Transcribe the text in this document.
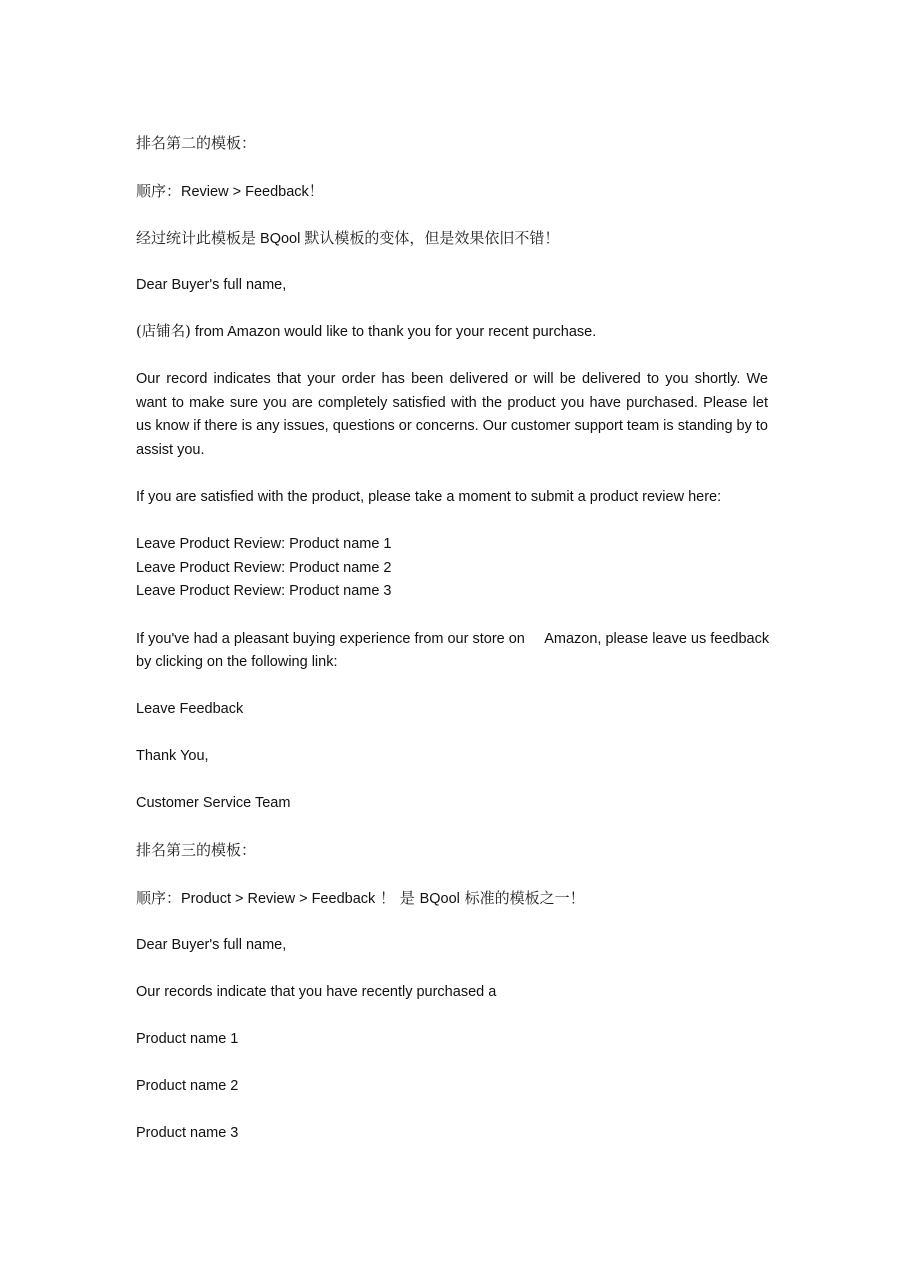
排名第二的模板：
顺序：Review > Feedback！
经过统计此模板是 BQool 默认模板的变体，但是效果依旧不错！
Dear Buyer's full name,
(店铺名) from Amazon would like to thank you for your recent purchase.
Our record indicates that your order has been delivered or will be delivered to you shortly. We want to make sure you are completely satisfied with the product you have purchased. Please let us know if there is any issues, questions or concerns. Our customer support team is standing by to assist you.
If you are satisfied with the product, please take a moment to submit a product review here:
Leave Product Review: Product name 1
Leave Product Review: Product name 2
Leave Product Review: Product name 3
If you've had a pleasant buying experience from our store on     Amazon, please leave us feedback
by clicking on the following link:
Leave Feedback
Thank You,
Customer Service Team
排名第三的模板：
顺序：Product > Review > Feedback ！ 是 BQool 标准的模板之一！
Dear Buyer's full name,
Our records indicate that you have recently purchased a
Product name 1
Product name 2
Product name 3
